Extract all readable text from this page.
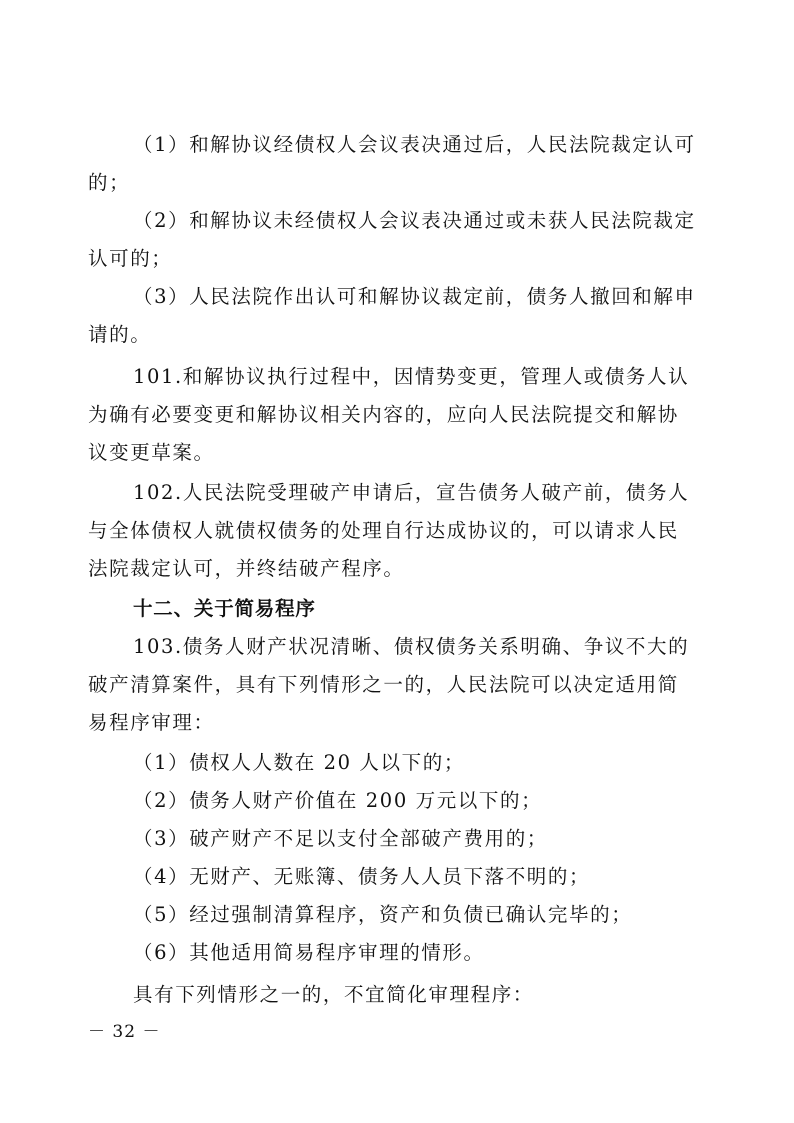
（1）和解协议经债权人会议表决通过后，人民法院裁定认可
的；
（2）和解协议未经债权人会议表决通过或未获人民法院裁定
认可的；
（3）人民法院作出认可和解协议裁定前，债务人撤回和解申
请的。
101.和解协议执行过程中，因情势变更，管理人或债务人认
为确有必要变更和解协议相关内容的，应向人民法院提交和解协
议变更草案。
102.人民法院受理破产申请后，宣告债务人破产前，债务人
与全体债权人就债权债务的处理自行达成协议的，可以请求人民
法院裁定认可，并终结破产程序。
十二、关于简易程序
103.债务人财产状况清晰、债权债务关系明确、争议不大的
破产清算案件，具有下列情形之一的，人民法院可以决定适用简
易程序审理：
（1）债权人人数在 20 人以下的；
（2）债务人财产价值在 200 万元以下的；
（3）破产财产不足以支付全部破产费用的；
（4）无财产、无账簿、债务人人员下落不明的；
（5）经过强制清算程序，资产和负债已确认完毕的；
（6）其他适用简易程序审理的情形。
具有下列情形之一的，不宜简化审理程序：
－ 32 －
